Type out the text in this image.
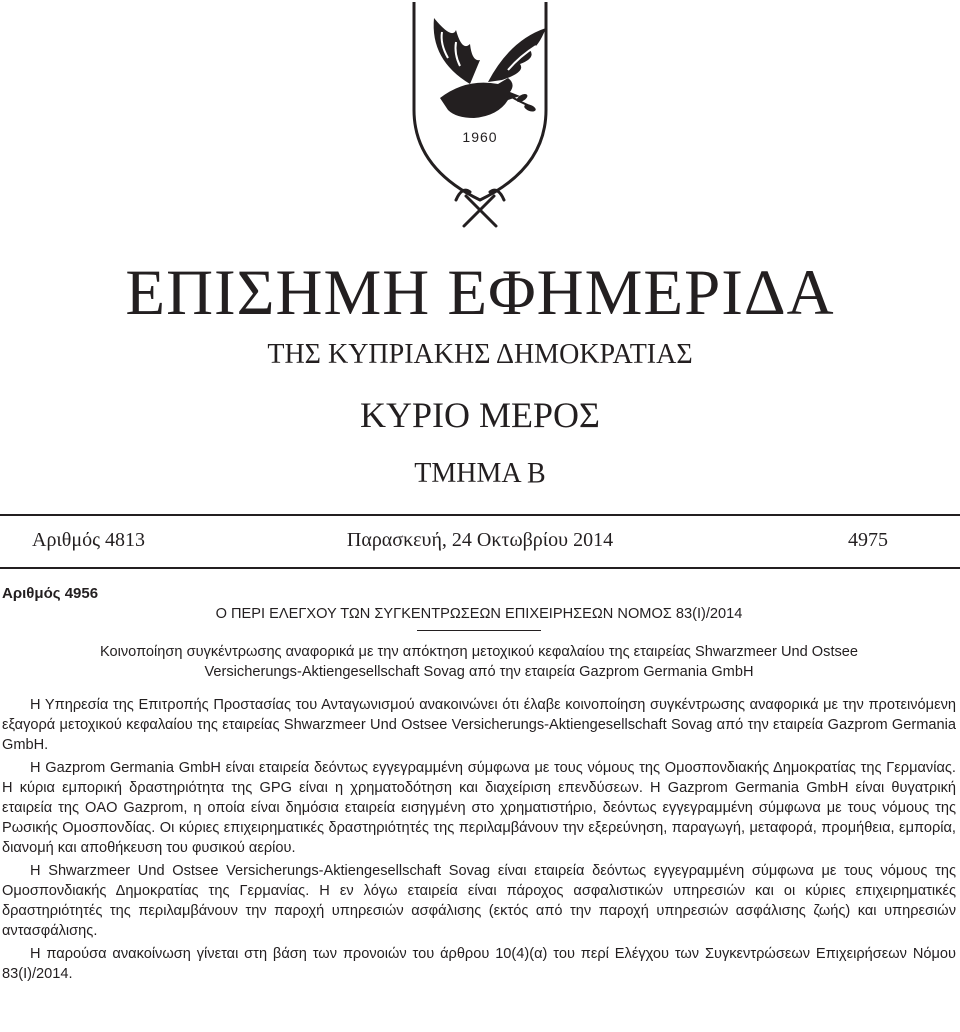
1960
ΕΠΙΣΗΜΗ ΕΦΗΜΕΡΙΔΑ
ΤΗΣ ΚΥΠΡΙΑΚΗΣ ΔΗΜΟΚΡΑΤΙΑΣ
ΚΥΡΙΟ ΜΕΡΟΣ
ΤΜΗΜΑ Β
Παρασκευή, 24 Οκτωβρίου 2014
Αριθμός 4813	4975

Αριθμός 4956

Ο ΠΕΡΙ ΕΛΕΓΧΟΥ ΤΩΝ ΣΥΓΚΕΝΤΡΩΣΕΩΝ ΕΠΙΧΕΙΡΗΣΕΩΝ ΝΟΜΟΣ 83(Ι)/2014

Κοινοποίηση συγκέντρωσης αναφορικά με την απόκτηση μετοχικού κεφαλαίου της εταιρείας Shwarzmeer Und Ostsee
Versicherungs-Aktiengesellschaft Sovag από την εταιρεία Gazprom Germania GmbH

Η Υπηρεσία της Επιτροπής Προστασίας του Ανταγωνισμού ανακοινώνει ότι έλαβε κοινοποίηση συγκέντρωσης αναφορικά με την προτεινόμενη εξαγορά μετοχικού κεφαλαίου της εταιρείας Shwarzmeer Und Ostsee Versicherungs-Aktiengesellschaft Sovag από την εταιρεία Gazprom Germania GmbH.

Η Gazprom Germania GmbH είναι εταιρεία δεόντως εγγεγραμμένη σύμφωνα με τους νόμους της Ομοσπονδιακής Δημοκρατίας της Γερμανίας. Η κύρια εμπορική δραστηριότητα της GPG είναι η χρηματοδότηση και διαχείριση επενδύσεων. Η Gazprom Germania GmbH είναι θυγατρική εταιρεία της OAO Gazprom, η οποία είναι δημόσια εταιρεία εισηγμένη στο χρηματιστήριο, δεόντως εγγεγραμμένη σύμφωνα με τους νόμους της Ρωσικής Ομοσπονδίας. Οι κύριες επιχειρηματικές δραστηριότητές της περιλαμβάνουν την εξερεύνηση, παραγωγή, μεταφορά, προμήθεια, εμπορία, διανομή και αποθήκευση του φυσικού αερίου.

Η Shwarzmeer Und Ostsee Versicherungs-Aktiengesellschaft Sovag είναι εταιρεία δεόντως εγγεγραμμένη σύμφωνα με τους νόμους της Ομοσπονδιακής Δημοκρατίας της Γερμανίας. Η εν λόγω εταιρεία είναι πάροχος ασφαλιστικών υπηρεσιών και οι κύριες επιχειρηματικές δραστηριότητές της περιλαμβάνουν την παροχή υπηρεσιών ασφάλισης (εκτός από την παροχή υπηρεσιών ασφάλισης ζωής) και υπηρεσιών αντασφάλισης.

Η παρούσα ανακοίνωση γίνεται στη βάση των προνοιών του άρθρου 10(4)(α) του περί Ελέγχου των Συγκεντρώσεων Επιχειρήσεων Νόμου 83(Ι)/2014.
